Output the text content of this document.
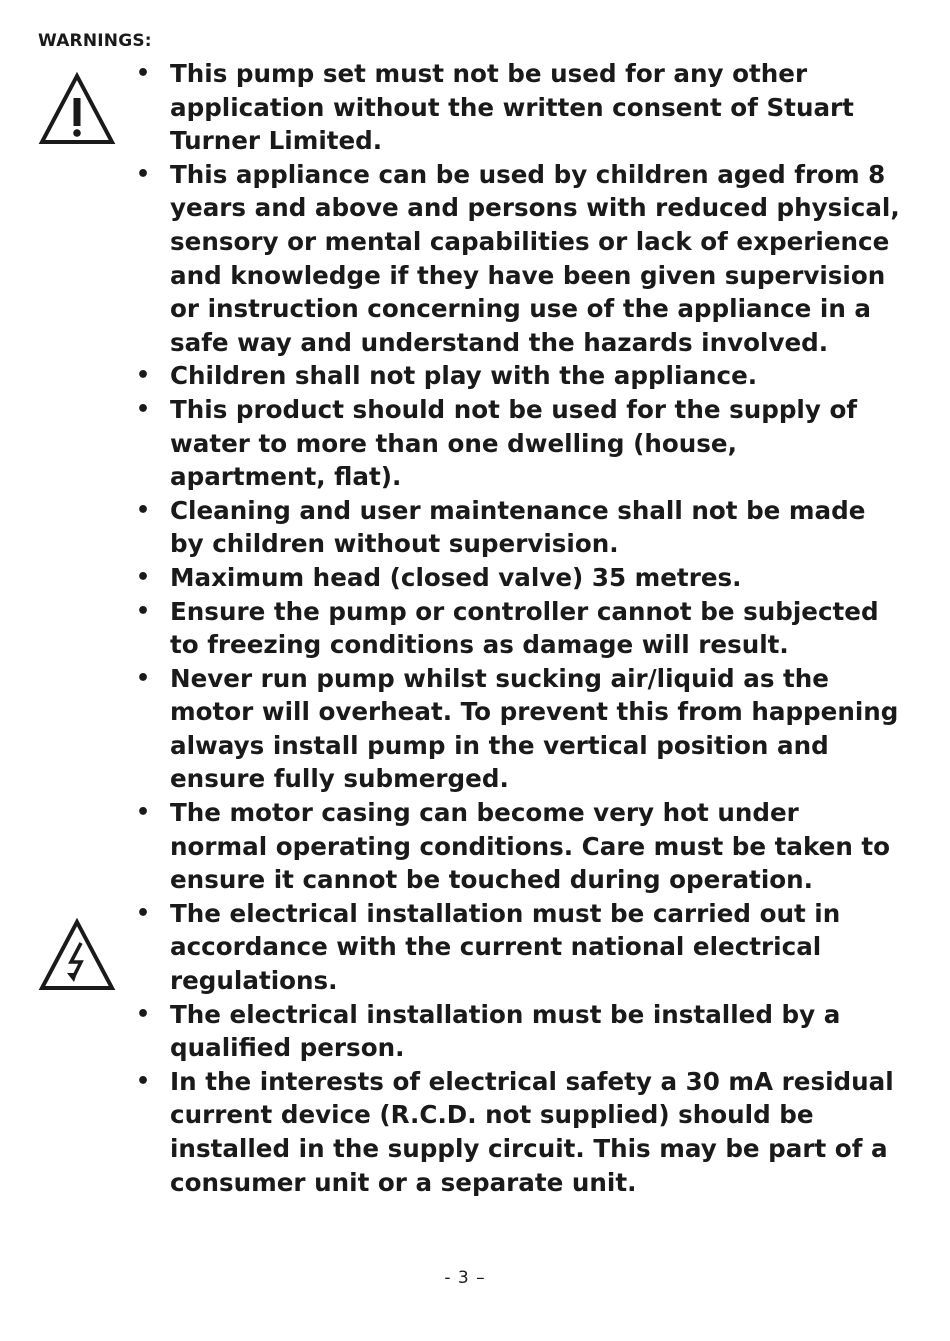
WARNINGS:
• This pump set must not be used for any other application without the written consent of Stuart Turner Limited.
• This appliance can be used by children aged from 8 years and above and persons with reduced physical, sensory or mental capabilities or lack of experience and knowledge if they have been given supervision or instruction concerning use of the appliance in a safe way and understand the hazards involved.
• Children shall not play with the appliance.
• This product should not be used for the supply of water to more than one dwelling (house, apartment, flat).
• Cleaning and user maintenance shall not be made by children without supervision.
• Maximum head (closed valve) 35 metres.
• Ensure the pump or controller cannot be subjected to freezing conditions as damage will result.
• Never run pump whilst sucking air/liquid as the motor will overheat. To prevent this from happening always install pump in the vertical position and ensure fully submerged.
• The motor casing can become very hot under normal operating conditions. Care must be taken to ensure it cannot be touched during operation.
• The electrical installation must be carried out in accordance with the current national electrical regulations.
• The electrical installation must be installed by a qualified person.
• In the interests of electrical safety a 30 mA residual current device (R.C.D. not supplied) should be installed in the supply circuit. This may be part of a consumer unit or a separate unit.
- 3 –
